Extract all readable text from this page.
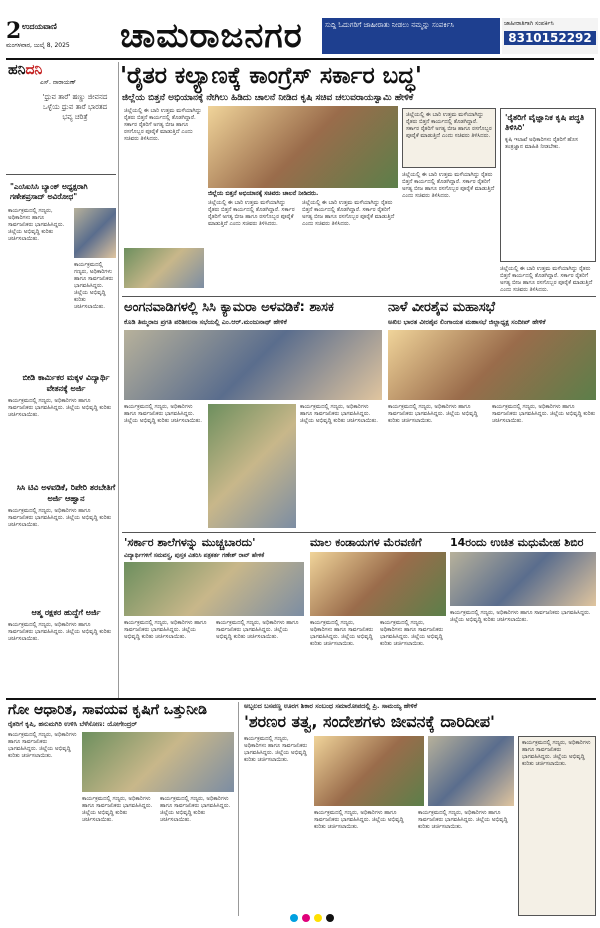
2 ಉದಯವಾಣಿ
ಮಂಗಳವಾರ, ಜುಲೈ 8, 2025 ಚಾಮರಾಜನಗರ	ಸುದ್ದಿ ಓದುಗರಿಗೆ ಜಾಹೀರಾತು ನೀಡಲು ನಮ್ಮನ್ನು ಸಂಪರ್ಕಿಸಿ	ಜಾಹೀರಾತಿಗಾಗಿ ಸಂಪರ್ಕಿಸಿ
8310152292
ಹನಿದನಿ
ಎಸ್. ನಾರಾಯಣ್
'ಧ್ರುವ ತಾರೆ' ಹಣ್ಣು ಜೀವನದ ಒಳ್ಳೆಯ ಧ್ರುವ ತಾರೆ ಭಾರತದ ಭವ್ಯ ಚರಿತ್ರೆ
"ಎಂಸಿಐಸಿಸಿ ಬ್ಯಾಂಕ್ ಅಧ್ಯಕ್ಷರಾಗಿ ಗಣೇಶಪ್ರಸಾದ್ ಅವಿರೋಧ"
ಕಾರ್ಯಕ್ರಮದಲ್ಲಿ ಗಣ್ಯರು, ಅಧಿಕಾರಿಗಳು ಹಾಗೂ ಸಾರ್ವಜನಿಕರು ಭಾಗವಹಿಸಿದ್ದರು. ಜಿಲ್ಲೆಯ ಅಭಿವೃದ್ಧಿ ಕುರಿತು ಚರ್ಚಿಸಲಾಯಿತು.
ಕಾರ್ಯಕ್ರಮದಲ್ಲಿ ಗಣ್ಯರು, ಅಧಿಕಾರಿಗಳು ಹಾಗೂ ಸಾರ್ವಜನಿಕರು ಭಾಗವಹಿಸಿದ್ದರು. ಜಿಲ್ಲೆಯ ಅಭಿವೃದ್ಧಿ ಕುರಿತು ಚರ್ಚಿಸಲಾಯಿತು.
ಬೀಡಿ ಕಾರ್ಮಿಕರ ಮಕ್ಕಳ ವಿದ್ಯಾರ್ಥಿ ವೇತನಕ್ಕೆ ಅರ್ಜಿ
ಕಾರ್ಯಕ್ರಮದಲ್ಲಿ ಗಣ್ಯರು, ಅಧಿಕಾರಿಗಳು ಹಾಗೂ ಸಾರ್ವಜನಿಕರು ಭಾಗವಹಿಸಿದ್ದರು. ಜಿಲ್ಲೆಯ ಅಭಿವೃದ್ಧಿ ಕುರಿತು ಚರ್ಚಿಸಲಾಯಿತು.
ಸಿಸಿ ಟಿವಿ ಅಳವಡಿಕೆ, ರಿಪೇರಿ ತರಬೇತಿಗೆ ಅರ್ಜಿ ಆಹ್ವಾನ
ಕಾರ್ಯಕ್ರಮದಲ್ಲಿ ಗಣ್ಯರು, ಅಧಿಕಾರಿಗಳು ಹಾಗೂ ಸಾರ್ವಜನಿಕರು ಭಾಗವಹಿಸಿದ್ದರು. ಜಿಲ್ಲೆಯ ಅಭಿವೃದ್ಧಿ ಕುರಿತು ಚರ್ಚಿಸಲಾಯಿತು.
ಆತ್ಮ ರಕ್ಷಕರ ಹುದ್ದೆಗೆ ಅರ್ಜಿ
ಕಾರ್ಯಕ್ರಮದಲ್ಲಿ ಗಣ್ಯರು, ಅಧಿಕಾರಿಗಳು ಹಾಗೂ ಸಾರ್ವಜನಿಕರು ಭಾಗವಹಿಸಿದ್ದರು. ಜಿಲ್ಲೆಯ ಅಭಿವೃದ್ಧಿ ಕುರಿತು ಚರ್ಚಿಸಲಾಯಿತು.
'ರೈತರ ಕಲ್ಯಾಣಕ್ಕೆ ಕಾಂಗ್ರೆಸ್ ಸರ್ಕಾರ ಬದ್ಧ'
ಜಿಲ್ಲೆಯ ಬಿತ್ತನೆ ಅಭಿಯಾನಕ್ಕೆ ನೇಗಿಲು ಹಿಡಿದು ಚಾಲನೆ ನೀಡಿದ ಕೃಷಿ ಸಚಿವ ಚಲುವರಾಯಸ್ವಾಮಿ ಹೇಳಿಕೆ
ಜಿಲ್ಲೆಯಲ್ಲಿ ಈ ಬಾರಿ ಉತ್ತಮ ಮಳೆಯಾಗಿದ್ದು ರೈತರು ಬಿತ್ತನೆ ಕಾರ್ಯದಲ್ಲಿ ತೊಡಗಿದ್ದಾರೆ. ಸರ್ಕಾರ ರೈತರಿಗೆ ಅಗತ್ಯ ಬೀಜ ಹಾಗೂ ರಸಗೊಬ್ಬರ ಪೂರೈಕೆ ಮಾಡುತ್ತಿದೆ ಎಂದು ಸಚಿವರು ತಿಳಿಸಿದರು.
ಜಿಲ್ಲೆಯ ಬಿತ್ತನೆ ಅಭಿಯಾನಕ್ಕೆ ಸಚಿವರು ಚಾಲನೆ ನೀಡಿದರು.
ಜಿಲ್ಲೆಯಲ್ಲಿ ಈ ಬಾರಿ ಉತ್ತಮ ಮಳೆಯಾಗಿದ್ದು ರೈತರು ಬಿತ್ತನೆ ಕಾರ್ಯದಲ್ಲಿ ತೊಡಗಿದ್ದಾರೆ. ಸರ್ಕಾರ ರೈತರಿಗೆ ಅಗತ್ಯ ಬೀಜ ಹಾಗೂ ರಸಗೊಬ್ಬರ ಪೂರೈಕೆ ಮಾಡುತ್ತಿದೆ ಎಂದು ಸಚಿವರು ತಿಳಿಸಿದರು.
ಜಿಲ್ಲೆಯಲ್ಲಿ ಈ ಬಾರಿ ಉತ್ತಮ ಮಳೆಯಾಗಿದ್ದು ರೈತರು ಬಿತ್ತನೆ ಕಾರ್ಯದಲ್ಲಿ ತೊಡಗಿದ್ದಾರೆ. ಸರ್ಕಾರ ರೈತರಿಗೆ ಅಗತ್ಯ ಬೀಜ ಹಾಗೂ ರಸಗೊಬ್ಬರ ಪೂರೈಕೆ ಮಾಡುತ್ತಿದೆ ಎಂದು ಸಚಿವರು ತಿಳಿಸಿದರು.
ಜಿಲ್ಲೆಯಲ್ಲಿ ಈ ಬಾರಿ ಉತ್ತಮ ಮಳೆಯಾಗಿದ್ದು ರೈತರು ಬಿತ್ತನೆ ಕಾರ್ಯದಲ್ಲಿ ತೊಡಗಿದ್ದಾರೆ. ಸರ್ಕಾರ ರೈತರಿಗೆ ಅಗತ್ಯ ಬೀಜ ಹಾಗೂ ರಸಗೊಬ್ಬರ ಪೂರೈಕೆ ಮಾಡುತ್ತಿದೆ ಎಂದು ಸಚಿವರು ತಿಳಿಸಿದರು.
ಜಿಲ್ಲೆಯಲ್ಲಿ ಈ ಬಾರಿ ಉತ್ತಮ ಮಳೆಯಾಗಿದ್ದು ರೈತರು ಬಿತ್ತನೆ ಕಾರ್ಯದಲ್ಲಿ ತೊಡಗಿದ್ದಾರೆ. ಸರ್ಕಾರ ರೈತರಿಗೆ ಅಗತ್ಯ ಬೀಜ ಹಾಗೂ ರಸಗೊಬ್ಬರ ಪೂರೈಕೆ ಮಾಡುತ್ತಿದೆ ಎಂದು ಸಚಿವರು ತಿಳಿಸಿದರು.
'ರೈತರಿಗೆ ವೈಜ್ಞಾನಿಕ ಕೃಷಿ ಪದ್ಧತಿ ತಿಳಿಸಿರಿ'
ಕೃಷಿ ಇಲಾಖೆ ಅಧಿಕಾರಿಗಳು ರೈತರಿಗೆ ಹೊಸ ತಂತ್ರಜ್ಞಾನ ಮಾಹಿತಿ ನೀಡಬೇಕು.
ಜಿಲ್ಲೆಯಲ್ಲಿ ಈ ಬಾರಿ ಉತ್ತಮ ಮಳೆಯಾಗಿದ್ದು ರೈತರು ಬಿತ್ತನೆ ಕಾರ್ಯದಲ್ಲಿ ತೊಡಗಿದ್ದಾರೆ. ಸರ್ಕಾರ ರೈತರಿಗೆ ಅಗತ್ಯ ಬೀಜ ಹಾಗೂ ರಸಗೊಬ್ಬರ ಪೂರೈಕೆ ಮಾಡುತ್ತಿದೆ ಎಂದು ಸಚಿವರು ತಿಳಿಸಿದರು.
ಅಂಗನವಾಡಿಗಳಲ್ಲಿ ಸಿಸಿ ಕ್ಯಾಮರಾ ಅಳವಡಿಕೆ: ಶಾಸಕ
ಕೊಡಿ ತಿಮ್ಮರಾಜ ಪ್ರಗತಿ ಪರಿಶೀಲನಾ ಸಭೆಯಲ್ಲಿ ಎಂ.ಆರ್.ಮಂಜುನಾಥ್ ಹೇಳಿಕೆ
ಕಾರ್ಯಕ್ರಮದಲ್ಲಿ ಗಣ್ಯರು, ಅಧಿಕಾರಿಗಳು ಹಾಗೂ ಸಾರ್ವಜನಿಕರು ಭಾಗವಹಿಸಿದ್ದರು. ಜಿಲ್ಲೆಯ ಅಭಿವೃದ್ಧಿ ಕುರಿತು ಚರ್ಚಿಸಲಾಯಿತು.
ಕಾರ್ಯಕ್ರಮದಲ್ಲಿ ಗಣ್ಯರು, ಅಧಿಕಾರಿಗಳು ಹಾಗೂ ಸಾರ್ವಜನಿಕರು ಭಾಗವಹಿಸಿದ್ದರು. ಜಿಲ್ಲೆಯ ಅಭಿವೃದ್ಧಿ ಕುರಿತು ಚರ್ಚಿಸಲಾಯಿತು.
ನಾಳೆ ವೀರಶೈವ ಮಹಾಸಭೆ
ಅಖಿಲ ಭಾರತ ವೀರಶೈವ ಲಿಂಗಾಯತ ಮಹಾಸಭೆ ಜಿಲ್ಲಾಧ್ಯಕ್ಷ ಸಂದೀಪ್ ಹೇಳಿಕೆ
ಕಾರ್ಯಕ್ರಮದಲ್ಲಿ ಗಣ್ಯರು, ಅಧಿಕಾರಿಗಳು ಹಾಗೂ ಸಾರ್ವಜನಿಕರು ಭಾಗವಹಿಸಿದ್ದರು. ಜಿಲ್ಲೆಯ ಅಭಿವೃದ್ಧಿ ಕುರಿತು ಚರ್ಚಿಸಲಾಯಿತು.
ಕಾರ್ಯಕ್ರಮದಲ್ಲಿ ಗಣ್ಯರು, ಅಧಿಕಾರಿಗಳು ಹಾಗೂ ಸಾರ್ವಜನಿಕರು ಭಾಗವಹಿಸಿದ್ದರು. ಜಿಲ್ಲೆಯ ಅಭಿವೃದ್ಧಿ ಕುರಿತು ಚರ್ಚಿಸಲಾಯಿತು.
'ಸರ್ಕಾರ ಶಾಲೆಗಳನ್ನು ಮುಚ್ಚಬಾರದು'
ವಿದ್ಯಾರ್ಥಿಗಳಿಗೆ ಸಮವಸ್ತ್ರ, ಪುಸ್ತಕ ವಿತರಿಸಿ ಪತ್ರಕರ್ತ ಗಣೇಶ್ ರಾವ್ ಹೇಳಿಕೆ
ಕಾರ್ಯಕ್ರಮದಲ್ಲಿ ಗಣ್ಯರು, ಅಧಿಕಾರಿಗಳು ಹಾಗೂ ಸಾರ್ವಜನಿಕರು ಭಾಗವಹಿಸಿದ್ದರು. ಜಿಲ್ಲೆಯ ಅಭಿವೃದ್ಧಿ ಕುರಿತು ಚರ್ಚಿಸಲಾಯಿತು.
ಕಾರ್ಯಕ್ರಮದಲ್ಲಿ ಗಣ್ಯರು, ಅಧಿಕಾರಿಗಳು ಹಾಗೂ ಸಾರ್ವಜನಿಕರು ಭಾಗವಹಿಸಿದ್ದರು. ಜಿಲ್ಲೆಯ ಅಭಿವೃದ್ಧಿ ಕುರಿತು ಚರ್ಚಿಸಲಾಯಿತು.
ಮಾಲ ಕಂಡಾಯಗಳ ಮೆರವಣಿಗೆ
ಕಾರ್ಯಕ್ರಮದಲ್ಲಿ ಗಣ್ಯರು, ಅಧಿಕಾರಿಗಳು ಹಾಗೂ ಸಾರ್ವಜನಿಕರು ಭಾಗವಹಿಸಿದ್ದರು. ಜಿಲ್ಲೆಯ ಅಭಿವೃದ್ಧಿ ಕುರಿತು ಚರ್ಚಿಸಲಾಯಿತು.
ಕಾರ್ಯಕ್ರಮದಲ್ಲಿ ಗಣ್ಯರು, ಅಧಿಕಾರಿಗಳು ಹಾಗೂ ಸಾರ್ವಜನಿಕರು ಭಾಗವಹಿಸಿದ್ದರು. ಜಿಲ್ಲೆಯ ಅಭಿವೃದ್ಧಿ ಕುರಿತು ಚರ್ಚಿಸಲಾಯಿತು.
14ರಂದು ಉಚಿತ ಮಧುಮೇಹ ಶಿಬಿರ
ಕಾರ್ಯಕ್ರಮದಲ್ಲಿ ಗಣ್ಯರು, ಅಧಿಕಾರಿಗಳು ಹಾಗೂ ಸಾರ್ವಜನಿಕರು ಭಾಗವಹಿಸಿದ್ದರು. ಜಿಲ್ಲೆಯ ಅಭಿವೃದ್ಧಿ ಕುರಿತು ಚರ್ಚಿಸಲಾಯಿತು.
ಗೋ ಆಧಾರಿತ, ಸಾವಯವ ಕೃಷಿಗೆ ಒತ್ತುನೀಡಿ
ರೈತರಿಗೆ ಕೃಷಿ, ಹನುಮಗಿರಿ ಉಳಿಸಿ ಬೆಳೆಸೋಣ: ಯೋಗೇಂದ್ರರ್
ಕಾರ್ಯಕ್ರಮದಲ್ಲಿ ಗಣ್ಯರು, ಅಧಿಕಾರಿಗಳು ಹಾಗೂ ಸಾರ್ವಜನಿಕರು ಭಾಗವಹಿಸಿದ್ದರು. ಜಿಲ್ಲೆಯ ಅಭಿವೃದ್ಧಿ ಕುರಿತು ಚರ್ಚಿಸಲಾಯಿತು.
ಕಾರ್ಯಕ್ರಮದಲ್ಲಿ ಗಣ್ಯರು, ಅಧಿಕಾರಿಗಳು ಹಾಗೂ ಸಾರ್ವಜನಿಕರು ಭಾಗವಹಿಸಿದ್ದರು. ಜಿಲ್ಲೆಯ ಅಭಿವೃದ್ಧಿ ಕುರಿತು ಚರ್ಚಿಸಲಾಯಿತು.
ಕಾರ್ಯಕ್ರಮದಲ್ಲಿ ಗಣ್ಯರು, ಅಧಿಕಾರಿಗಳು ಹಾಗೂ ಸಾರ್ವಜನಿಕರು ಭಾಗವಹಿಸಿದ್ದರು. ಜಿಲ್ಲೆಯ ಅಭಿವೃದ್ಧಿ ಕುರಿತು ಚರ್ಚಿಸಲಾಯಿತು.
ಅಬ್ಬಲದ ಬಸವಣ್ಣ ಊರಗ ಶಿಕಾರ ಸಂಬಂಧ ಸಮಾರೋಪದಲ್ಲಿ ಪ್ರಿ. ಸಾಮಯ್ಯ ಹೇಳಿಕೆ
'ಶರಣರ ತತ್ವ, ಸಂದೇಶಗಳು ಜೀವನಕ್ಕೆ ದಾರಿದೀಪ'
ಕಾರ್ಯಕ್ರಮದಲ್ಲಿ ಗಣ್ಯರು, ಅಧಿಕಾರಿಗಳು ಹಾಗೂ ಸಾರ್ವಜನಿಕರು ಭಾಗವಹಿಸಿದ್ದರು. ಜಿಲ್ಲೆಯ ಅಭಿವೃದ್ಧಿ ಕುರಿತು ಚರ್ಚಿಸಲಾಯಿತು.
ಕಾರ್ಯಕ್ರಮದಲ್ಲಿ ಗಣ್ಯರು, ಅಧಿಕಾರಿಗಳು ಹಾಗೂ ಸಾರ್ವಜನಿಕರು ಭಾಗವಹಿಸಿದ್ದರು. ಜಿಲ್ಲೆಯ ಅಭಿವೃದ್ಧಿ ಕುರಿತು ಚರ್ಚಿಸಲಾಯಿತು.
ಕಾರ್ಯಕ್ರಮದಲ್ಲಿ ಗಣ್ಯರು, ಅಧಿಕಾರಿಗಳು ಹಾಗೂ ಸಾರ್ವಜನಿಕರು ಭಾಗವಹಿಸಿದ್ದರು. ಜಿಲ್ಲೆಯ ಅಭಿವೃದ್ಧಿ ಕುರಿತು ಚರ್ಚಿಸಲಾಯಿತು.
ಕಾರ್ಯಕ್ರಮದಲ್ಲಿ ಗಣ್ಯರು, ಅಧಿಕಾರಿಗಳು ಹಾಗೂ ಸಾರ್ವಜನಿಕರು ಭಾಗವಹಿಸಿದ್ದರು. ಜಿಲ್ಲೆಯ ಅಭಿವೃದ್ಧಿ ಕುರಿತು ಚರ್ಚಿಸಲಾಯಿತು.
